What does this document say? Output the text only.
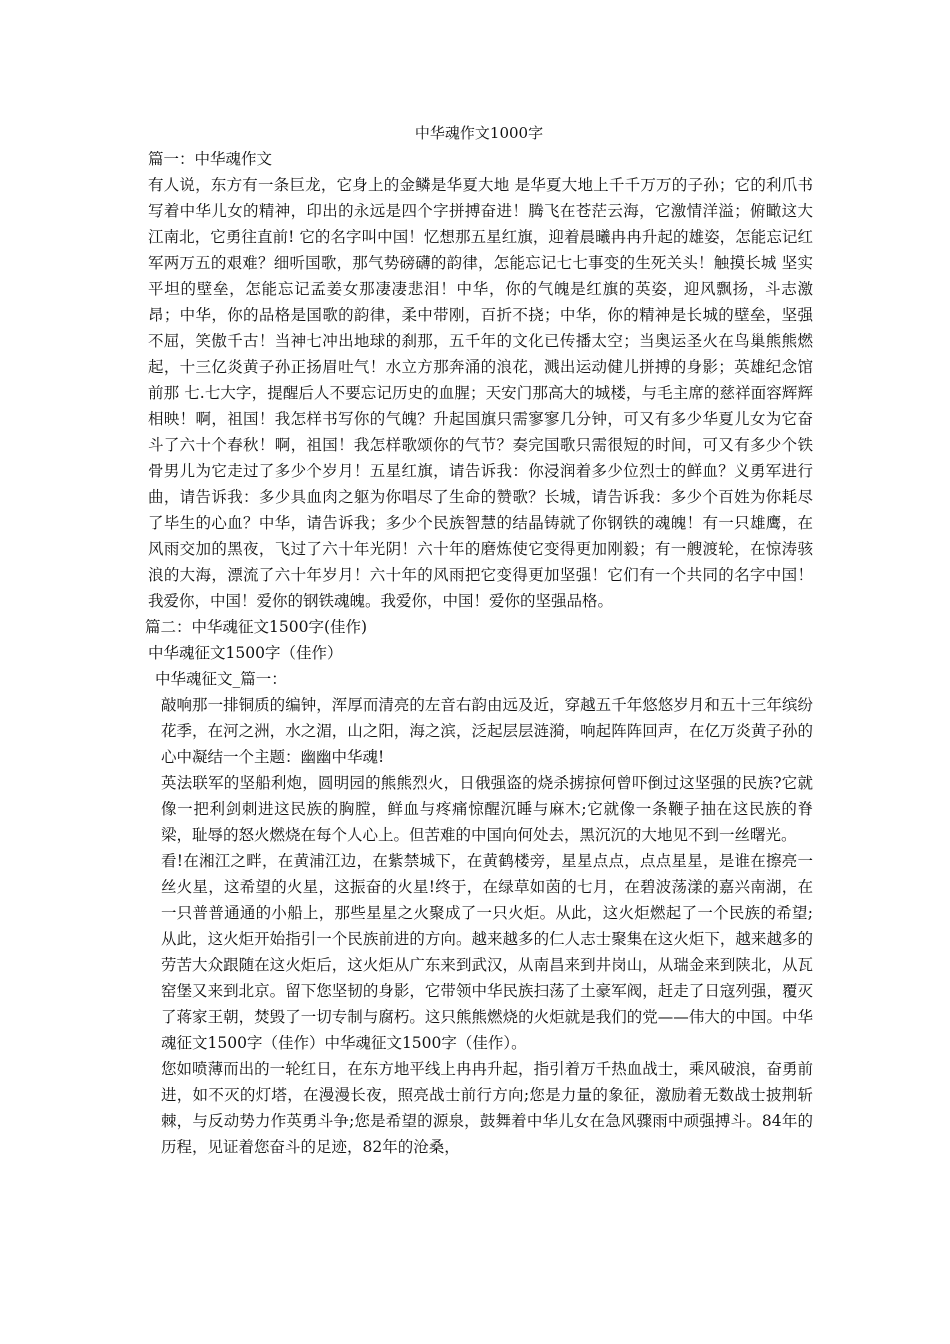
中华魂作文1000字

篇一：中华魂作文

有人说，东方有一条巨龙，它身上的金鳞是华夏大地 是华夏大地上千千万万的子孙；它的利爪书写着中华儿女的精神，印出的永远是四个字拼搏奋进！腾飞在苍茫云海，它激情洋溢；俯瞰这大江南北，它勇往直前! 它的名字叫中国！忆想那五星红旗，迎着晨曦冉冉升起的雄姿，怎能忘记红军两万五的艰难？细听国歌，那气势磅礴的韵律，怎能忘记七七事变的生死关头！触摸长城 坚实平坦的壁垒，怎能忘记孟姜女那凄凄悲泪！中华，你的气魄是红旗的英姿，迎风飘扬，斗志激昂；中华，你的品格是国歌的韵律，柔中带刚，百折不挠；中华，你的精神是长城的壁垒，坚强不屈，笑傲千古！当神七冲出地球的刹那，五千年的文化已传播太空；当奥运圣火在鸟巢熊熊燃起，十三亿炎黄子孙正扬眉吐气！水立方那奔涌的浪花，溅出运动健儿拼搏的身影；英雄纪念馆前那 七.七大字，提醒后人不要忘记历史的血腥；天安门那高大的城楼，与毛主席的慈祥面容辉辉相映！啊，祖国！我怎样书写你的气魄？升起国旗只需寥寥几分钟，可又有多少华夏儿女为它奋斗了六十个春秋！啊，祖国！我怎样歌颂你的气节？奏完国歌只需很短的时间，可又有多少个铁骨男儿为它走过了多少个岁月！五星红旗，请告诉我：你浸润着多少位烈士的鲜血？义勇军进行曲，请告诉我：多少具血肉之躯为你唱尽了生命的赞歌？长城，请告诉我：多少个百姓为你耗尽了毕生的心血？中华，请告诉我；多少个民族智慧的结晶铸就了你钢铁的魂魄！有一只雄鹰，在风雨交加的黑夜，飞过了六十年光阴！六十年的磨炼使它变得更加刚毅；有一艘渡轮，在惊涛骇浪的大海，漂流了六十年岁月！六十年的风雨把它变得更加坚强！它们有一个共同的名字中国！我爱你，中国！爱你的钢铁魂魄。我爱你，中国！爱你的坚强品格。

篇二：中华魂征文1500字(佳作)

中华魂征文1500字（佳作）

中华魂征文_篇一：

敲响那一排铜质的编钟，浑厚而清亮的左音右韵由远及近，穿越五千年悠悠岁月和五十三年缤纷花季，在河之洲，水之湄，山之阳，海之滨，泛起层层涟漪，响起阵阵回声，在亿万炎黄子孙的心中凝结一个主题：幽幽中华魂!

英法联军的坚船利炮，圆明园的熊熊烈火，日俄强盗的烧杀掳掠何曾吓倒过这坚强的民族?它就像一把利剑刺进这民族的胸膛，鲜血与疼痛惊醒沉睡与麻木;它就像一条鞭子抽在这民族的脊梁，耻辱的怒火燃烧在每个人心上。但苦难的中国向何处去，黑沉沉的大地见不到一丝曙光。

看!在湘江之畔，在黄浦江边，在紫禁城下，在黄鹤楼旁，星星点点，点点星星，是谁在擦亮一丝火星，这希望的火星，这振奋的火星!终于，在绿草如茵的七月，在碧波荡漾的嘉兴南湖，在一只普普通通的小船上，那些星星之火聚成了一只火炬。从此，这火炬燃起了一个民族的希望;从此，这火炬开始指引一个民族前进的方向。越来越多的仁人志士聚集在这火炬下，越来越多的劳苦大众跟随在这火炬后，这火炬从广东来到武汉，从南昌来到井岗山，从瑞金来到陕北，从瓦窑堡又来到北京。留下您坚韧的身影，它带领中华民族扫荡了土豪军阀，赶走了日寇列强，覆灭了蒋家王朝，焚毁了一切专制与腐朽。这只熊熊燃烧的火炬就是我们的党——伟大的中国。中华魂征文1500字（佳作）中华魂征文1500字（佳作）。

您如喷薄而出的一轮红日，在东方地平线上冉冉升起，指引着万千热血战士，乘风破浪，奋勇前进，如不灭的灯塔，在漫漫长夜，照亮战士前行方向;您是力量的象征，激励着无数战士披荆斩棘，与反动势力作英勇斗争;您是希望的源泉，鼓舞着中华儿女在急风骤雨中顽强搏斗。84年的历程，见证着您奋斗的足迹，82年的沧桑，
